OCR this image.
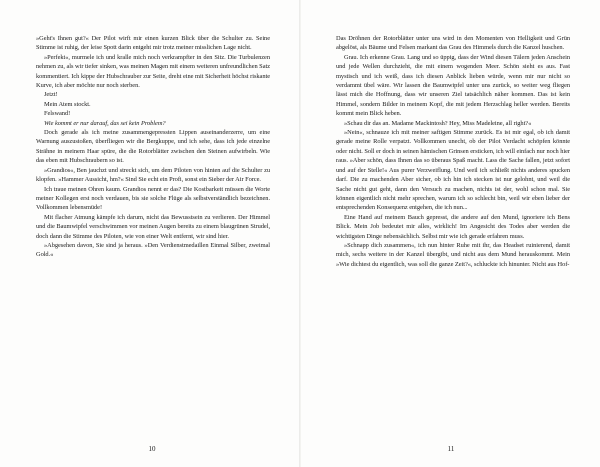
»Geht's Ihnen gut?« Der Pilot wirft mir einen kurzen Blick über die Schulter zu. Seine Stimme ist ruhig, der leise Spott darin entgeht mir trotz meiner misslichen Lage nicht.

»Perfekt«, murmele ich und kralle mich noch verkrampfter in den Sitz. Die Turbulenzen nehmen zu, als wir tiefer sinken, was meinen Magen mit einem weiteren unfreundlichen Satz kommentiert. Ich kippe der Hubschrauber zur Seite, dreht eine mit Sicherheit höchst riskante Kurve, ich aber möchte nur noch sterben.

Jetzt!

Mein Atem stockt.

Felswand!

Wie kommt er nur darauf, das sei kein Problem?

Doch gerade als ich meine zusammengepressten Lippen auseinanderzerre, um eine Warnung auszustoßen, überfliegen wir die Bergkuppe, und ich sehe, dass ich jede einzelne Strähne in meinem Haar spüre, die die Rotorblätter zwischen den Steinen aufwirbeln. Wie das eben mit Hubschraubern so ist.

»Grandios«, Ben jauchzt und streckt sich, um dem Piloten von hinten auf die Schulter zu klopfen. »Hammer Aussicht, hm?« Sind Sie echt ein Profi, sonst ein Sieber der Air Force.

Ich traue meinen Ohren kaum. Grandios nennt er das? Die Kostbarkeit müssen die Worte meiner Kollegen erst noch verdauen, bis sie solche Flüge als selbstverständlich bezeichnen. Vollkommen lebensmüde!

Mit flacher Atmung kämpfe ich darum, nicht das Bewusstsein zu verlieren. Der Himmel und die Baumwipfel verschwimmen vor meinen Augen bereits zu einem blaugrünen Strudel, doch dann die Stimme des Piloten, wie von einer Welt entfernt, wir sind hier.

»Abgesehen davon, Sie sind ja heraus. »Den Verdienstmedaillen Einmal Silber, zweimal Gold.«

10

Das Dröhnen der Rotorblätter unter uns wird in den Momenten von Helligkeit und Grün abgelöst, als Bäume und Felsen markant das Grau des Himmels durch die Kanzel huschen.

Grau. Ich erkenne Grau. Lang und so üppig, dass der Wind diesen Tälern jeden Anschein und jede Wellen durchzieht, die mit einem wogenden Meer. Schön sieht es aus. Fast mystisch und ich weiß, dass ich diesen Anblick lieben würde, wenn mir nur nicht so verdammt übel wäre. Wir lassen die Baumwipfel unter uns zurück, so weiter weg fliegen lässt mich die Hoffnung, dass wir unseren Ziel tatsächlich näher kommen. Das ist kein Himmel, sondern Bilder in meinem Kopf, die mit jedem Herzschlag heller werden. Bereits kommt mein Blick heben.

»Schau dir das an. Madame Mackintosh? Hey, Miss Madeleine, all right?«

»Nein«, schnauze ich mit meiner saftigen Stimme zurück. Es ist mir egal, ob ich damit gerade meine Rolle verpatzt. Vollkommen unecht, ob der Pilot Verdacht schöpfen könnte oder nicht. Soll er doch in seinen hämischen Grinsen ersticken, ich will einfach nur noch hier raus. »Aber schön, dass Ihnen das so überaus Spaß macht. Lass die Sache fallen, jetzt sofort und auf der Stelle!« Aus purer Verzweiflung. Und weil ich schließt nichts anderes spucken darf. Die zu machenden Aber sicher, ob ich hin ich stecken ist nur gelohnt, und weil die Sache nicht gut geht, dann den Versuch zu machen, nichts ist der, wohl schon mal. Sie können eigentlich nicht mehr sprechen, warum ich so schlecht bin, weil wir eben lieber der entsprechenden Konsequenz entgehen, die ich nun...

Eine Hand auf meinem Bauch gepresst, die andere auf den Mund, ignoriere ich Bens Blick. Mein Job bedeutet mir alles, wirklich! Im Angesicht des Todes aber werden die wichtigsten Dinge nebensächlich. Selbst mir wie ich gerade erfahren muss.

»Schnapp dich zusammen«, ich nun hinter Ruhe mit ihr, das Headset ruinierend, damit mich, sechs weitere in der Kanzel übergibt, und nicht aus dem Mund herauskommt. Mein »Wie dichtest du eigentlich, was soll die ganze Zeit?«, schluckte ich hinunter. Nicht aus Hof-

11
